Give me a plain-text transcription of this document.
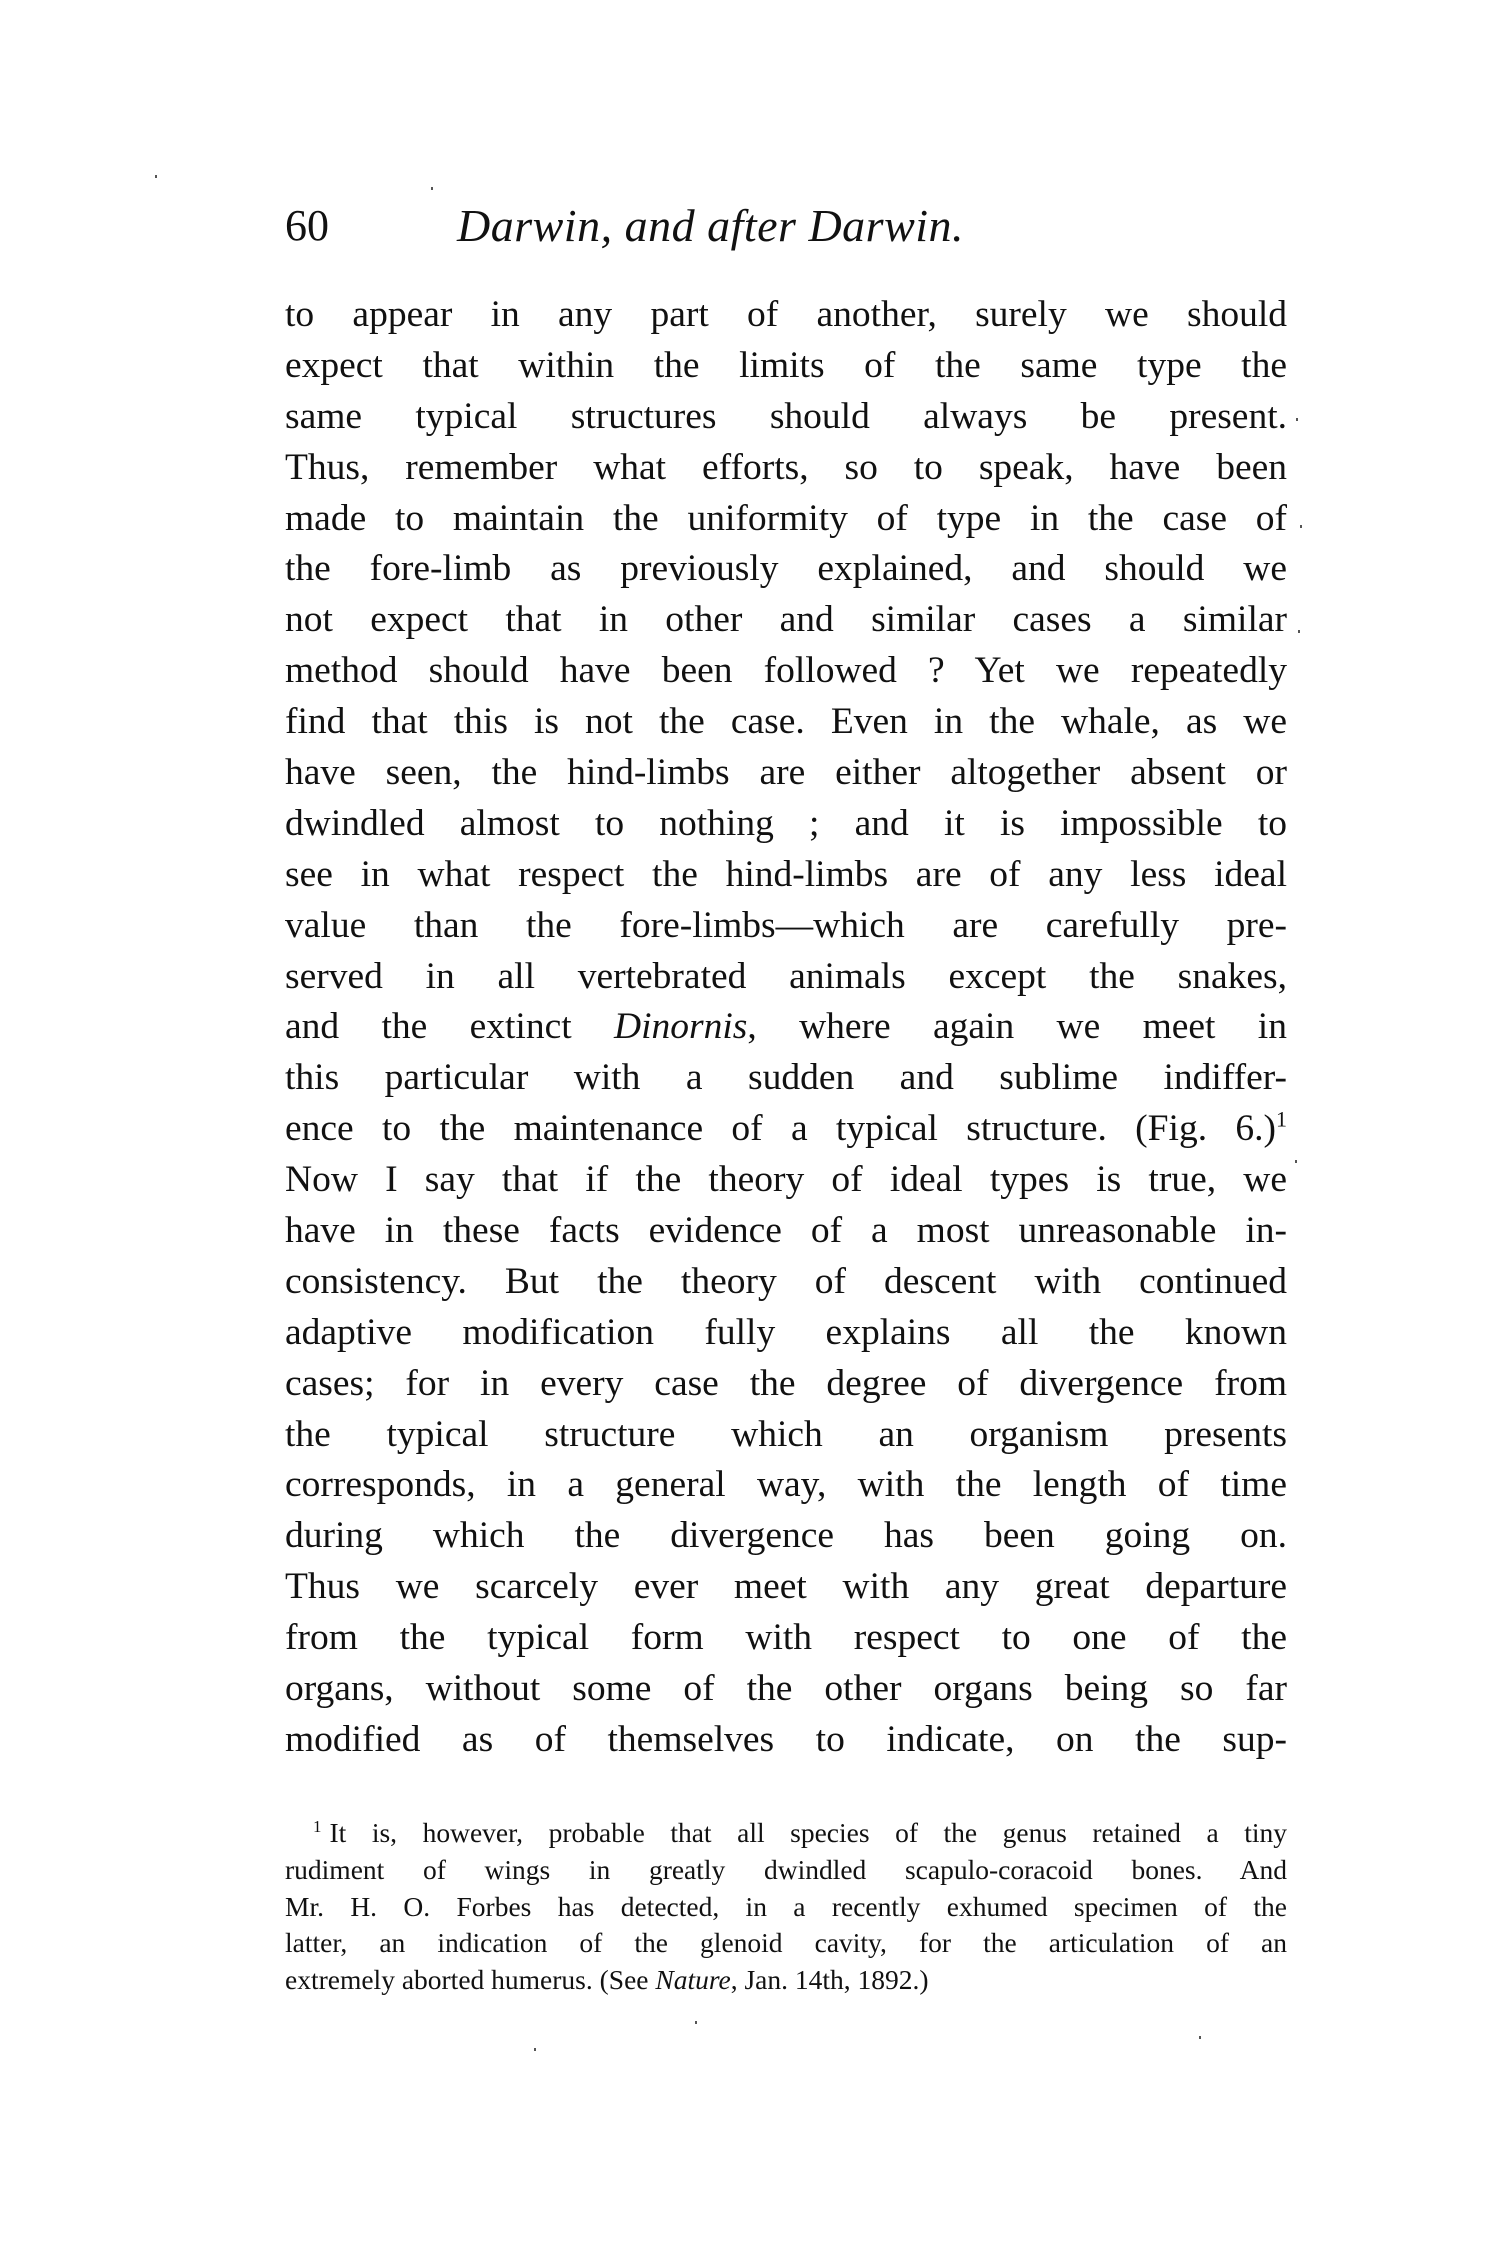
60	Darwin, and after Darwin.
to appear in any part of another, surely we should
expect that within the limits of the same type the
same typical structures should always be present.
Thus, remember what efforts, so to speak, have been
made to maintain the uniformity of type in the case of
the fore-limb as previously explained, and should we
not expect that in other and similar cases a similar
method should have been followed ? Yet we repeatedly
find that this is not the case. Even in the whale, as we
have seen, the hind-limbs are either altogether absent or
dwindled almost to nothing ; and it is impossible to
see in what respect the hind-limbs are of any less ideal
value than the fore-limbs—which are carefully pre-
served in all vertebrated animals except the snakes,
and the extinct Dinornis, where again we meet in
this particular with a sudden and sublime indiffer-
ence to the maintenance of a typical structure. (Fig. 6.)$^1$
Now I say that if the theory of ideal types is true, we
have in these facts evidence of a most unreasonable in-
consistency. But the theory of descent with continued
adaptive modification fully explains all the known
cases; for in every case the degree of divergence from
the typical structure which an organism presents
corresponds, in a general way, with the length of time
during which the divergence has been going on.
Thus we scarcely ever meet with any great departure
from the typical form with respect to one of the
organs, without some of the other organs being so far
modified as of themselves to indicate, on the sup-
$^1$ It is, however, probable that all species of the genus retained a tiny
rudiment of wings in greatly dwindled scapulo-coracoid bones. And
Mr. H. O. Forbes has detected, in a recently exhumed specimen of the
latter, an indication of the glenoid cavity, for the articulation of an
extremely aborted humerus. (See Nature, Jan. 14th, 1892.)
